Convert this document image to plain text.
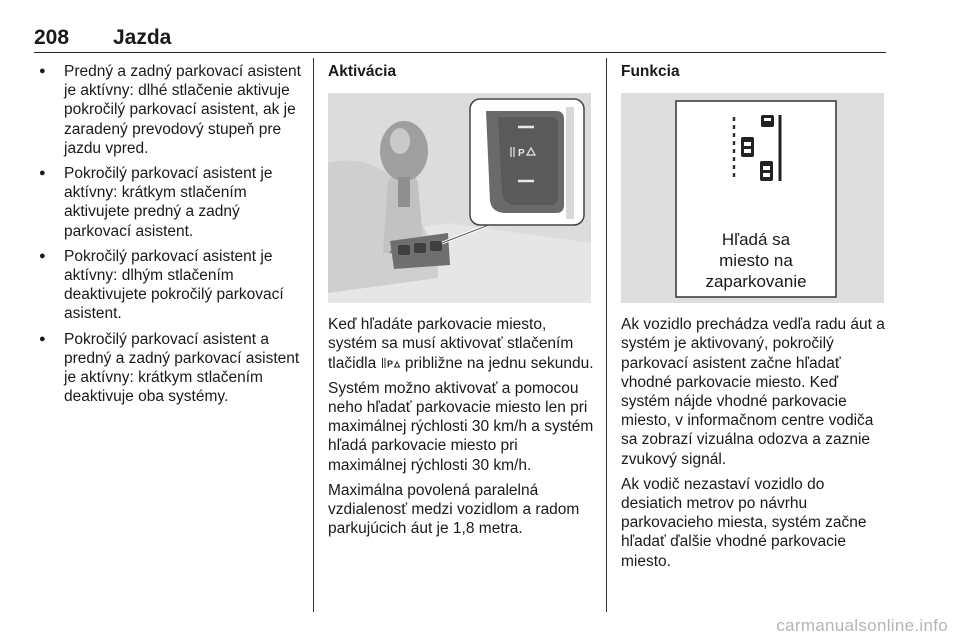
208 Jazda
● Predný a zadný parkovací asistent je aktívny: dlhé stlačenie aktivuje pokročilý parkovací asistent, ak je zaradený prevodový stupeň pre jazdu vpred.
● Pokročilý parkovací asistent je aktívny: krátkym stlačením aktivujete predný a zadný parkovací asistent.
● Pokročilý parkovací asistent je aktívny: dlhým stlačením deaktivujete pokročilý parkovací asistent.
● Pokročilý parkovací asistent a predný a zadný parkovací asistent je aktívny: krátkym stlačením deaktivuje oba systémy.
Aktivácia
P

Keď hľadáte parkovacie miesto, systém sa musí aktivovať stlačením tlačidla P približne na jednu sekundu.

Systém možno aktivovať a pomocou neho hľadať parkovacie miesto len pri maximálnej rýchlosti 30 km/h a systém hľadá parkovacie miesto pri maximálnej rýchlosti 30 km/h.

Maximálna povolená paralelná vzdialenosť medzi vozidlom a radom parkujúcich áut je 1,8 metra.

Funkcia
Hľadá sa
miesto na
zaparkovanie

Ak vozidlo prechádza vedľa radu áut a systém je aktivovaný, pokročilý parkovací asistent začne hľadať vhodné parkovacie miesto. Keď systém nájde vhodné parkovacie miesto, v informačnom centre vodiča sa zobrazí vizuálna odozva a zaznie zvukový signál.

Ak vodič nezastaví vozidlo do desiatich metrov po návrhu parkovacieho miesta, systém začne hľadať ďalšie vhodné parkovacie miesto.

carmanualsonline.info
